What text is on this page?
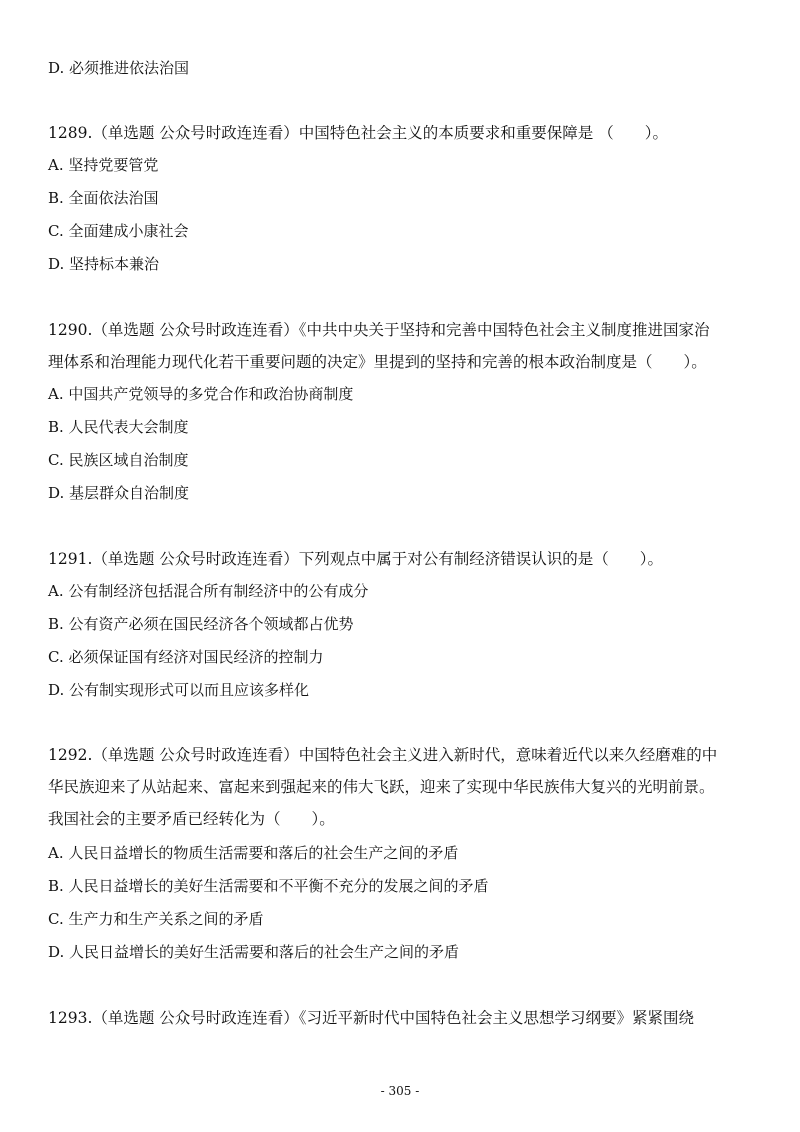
D. 必须推进依法治国
1289.（单选题 公众号时政连连看）中国特色社会主义的本质要求和重要保障是 （　　）。
A. 坚持党要管党
B. 全面依法治国
C. 全面建成小康社会
D. 坚持标本兼治
1290.（单选题 公众号时政连连看）《中共中央关于坚持和完善中国特色社会主义制度推进国家治
理体系和治理能力现代化若干重要问题的决定》里提到的坚持和完善的根本政治制度是（　　）。
A. 中国共产党领导的多党合作和政治协商制度
B. 人民代表大会制度
C. 民族区域自治制度
D. 基层群众自治制度
1291.（单选题 公众号时政连连看）下列观点中属于对公有制经济错误认识的是（　　）。
A. 公有制经济包括混合所有制经济中的公有成分
B. 公有资产必须在国民经济各个领域都占优势
C. 必须保证国有经济对国民经济的控制力
D. 公有制实现形式可以而且应该多样化
1292.（单选题 公众号时政连连看）中国特色社会主义进入新时代，意味着近代以来久经磨难的中
华民族迎来了从站起来、富起来到强起来的伟大飞跃，迎来了实现中华民族伟大复兴的光明前景。
我国社会的主要矛盾已经转化为（　　）。
A. 人民日益增长的物质生活需要和落后的社会生产之间的矛盾
B. 人民日益增长的美好生活需要和不平衡不充分的发展之间的矛盾
C. 生产力和生产关系之间的矛盾
D. 人民日益增长的美好生活需要和落后的社会生产之间的矛盾
1293.（单选题 公众号时政连连看）《习近平新时代中国特色社会主义思想学习纲要》紧紧围绕
- 305 -
